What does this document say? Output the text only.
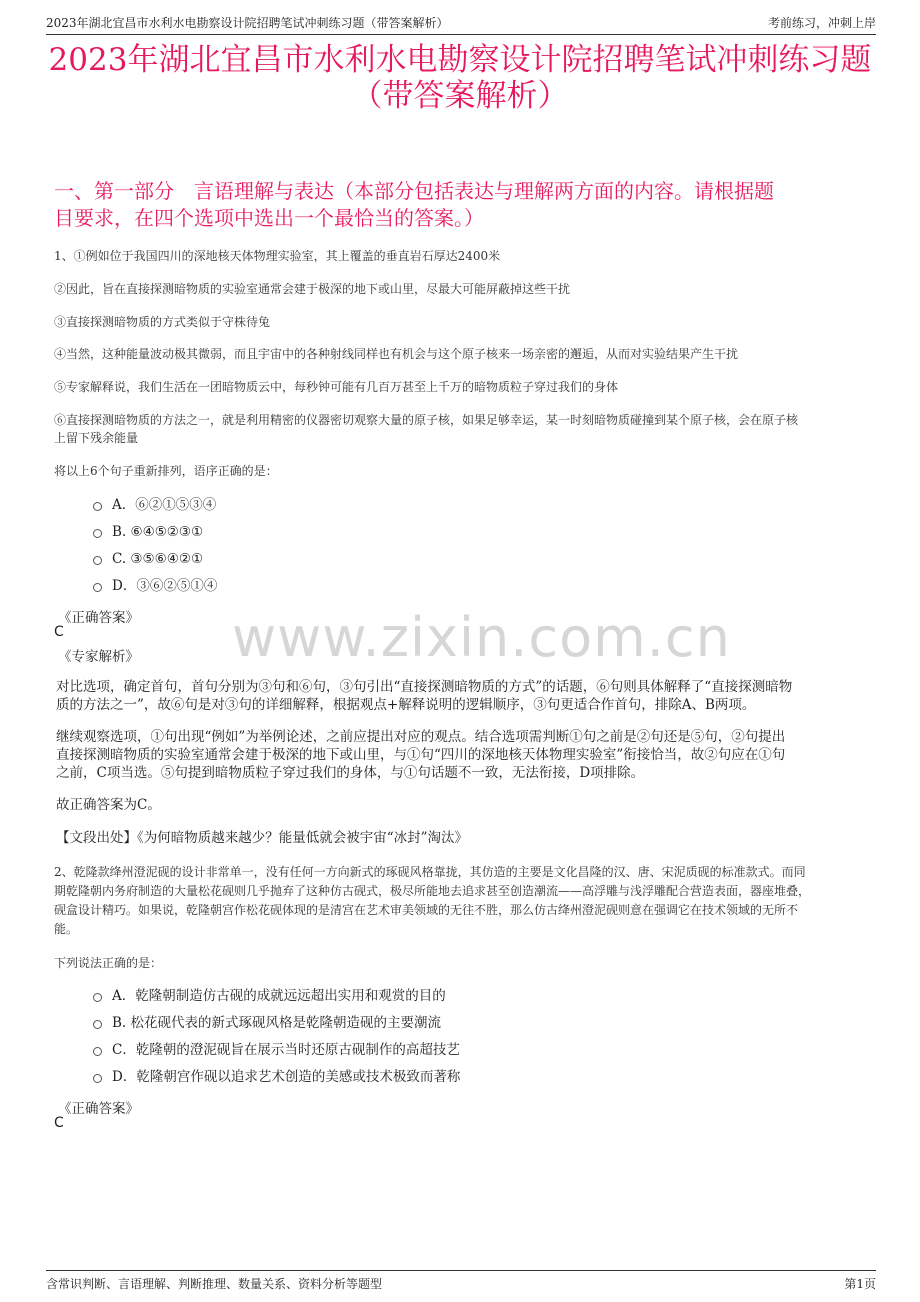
2023年湖北宜昌市水利水电勘察设计院招聘笔试冲刺练习题（带答案解析）	考前练习，冲刺上岸
2023年湖北宜昌市水利水电勘察设计院招聘笔试冲刺练习题
（带答案解析）
一、第一部分　言语理解与表达（本部分包括表达与理解两方面的内容。请根据题
目要求，在四个选项中选出一个最恰当的答案。）
1、①例如位于我国四川的深地核天体物理实验室，其上覆盖的垂直岩石厚达2400米
②因此，旨在直接探测暗物质的实验室通常会建于极深的地下或山里，尽最大可能屏蔽掉这些干扰
③直接探测暗物质的方式类似于守株待兔
④当然，这种能量波动极其微弱，而且宇宙中的各种射线同样也有机会与这个原子核来一场亲密的邂逅，从而对实验结果产生干扰
⑤专家解释说，我们生活在一团暗物质云中，每秒钟可能有几百万甚至上千万的暗物质粒子穿过我们的身体
⑥直接探测暗物质的方法之一，就是利用精密的仪器密切观察大量的原子核，如果足够幸运，某一时刻暗物质碰撞到某个原子核，会在原子核
上留下残余能量
将以上6个句子重新排列，语序正确的是：
A．⑥②①⑤③④
B. ⑥④⑤②③①
C. ③⑤⑥④②①
D．③⑥②⑤①④
《正确答案》
C
《专家解析》 www.zixin.com.cn
对比选项，确定首句，首句分别为③句和⑥句，③句引出“直接探测暗物质的方式”的话题，⑥句则具体解释了“直接探测暗物
质的方法之一”，故⑥句是对③句的详细解释，根据观点+解释说明的逻辑顺序，③句更适合作首句，排除A、B两项。
继续观察选项，①句出现“例如”为举例论述，之前应提出对应的观点。结合选项需判断①句之前是②句还是⑤句，②句提出
直接探测暗物质的实验室通常会建于极深的地下或山里，与①句“四川的深地核天体物理实验室”衔接恰当，故②句应在①句
之前，C项当选。⑤句提到暗物质粒子穿过我们的身体，与①句话题不一致，无法衔接，D项排除。
故正确答案为C。
【文段出处】《为何暗物质越来越少？能量低就会被宇宙“冰封”淘汰》
2、乾隆款绛州澄泥砚的设计非常单一，没有任何一方向新式的琢砚风格靠拢，其仿造的主要是文化昌隆的汉、唐、宋泥质砚的标准款式。而同
期乾隆朝内务府制造的大量松花砚则几乎抛弃了这种仿古砚式，极尽所能地去追求甚至创造潮流——高浮雕与浅浮雕配合营造表面，器座堆叠，
砚盒设计精巧。如果说，乾隆朝宫作松花砚体现的是清宫在艺术审美领域的无往不胜，那么仿古绛州澄泥砚则意在强调它在技术领域的无所不
能。
下列说法正确的是：
A．乾隆朝制造仿古砚的成就远远超出实用和观赏的目的
B. 松花砚代表的新式琢砚风格是乾隆朝造砚的主要潮流
C．乾隆朝的澄泥砚旨在展示当时还原古砚制作的高超技艺
D．乾隆朝宫作砚以追求艺术创造的美感或技术极致而著称
《正确答案》
C
含常识判断、言语理解、判断推理、数量关系、资料分析等题型	第1页
